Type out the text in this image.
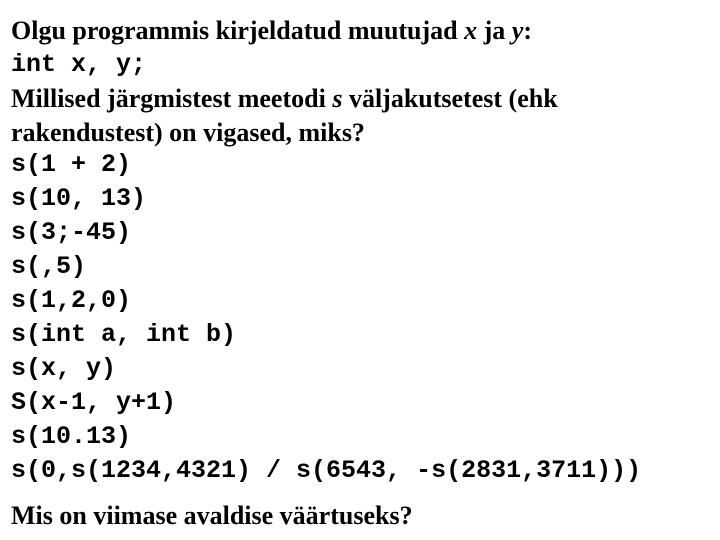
Olgu programmis kirjeldatud muutujad x ja y:
int x, y;
Millised järgmistest meetodi s väljakutsetest (ehk
rakendustest) on vigased, miks?
s(1 + 2)
s(10, 13)
s(3;-45)
s(,5)
s(1,2,0)
s(int a, int b)
s(x, y)
S(x-1, y+1)
s(10.13)
s(0,s(1234,4321) / s(6543, -s(2831,3711)))
Mis on viimase avaldise väärtuseks?
